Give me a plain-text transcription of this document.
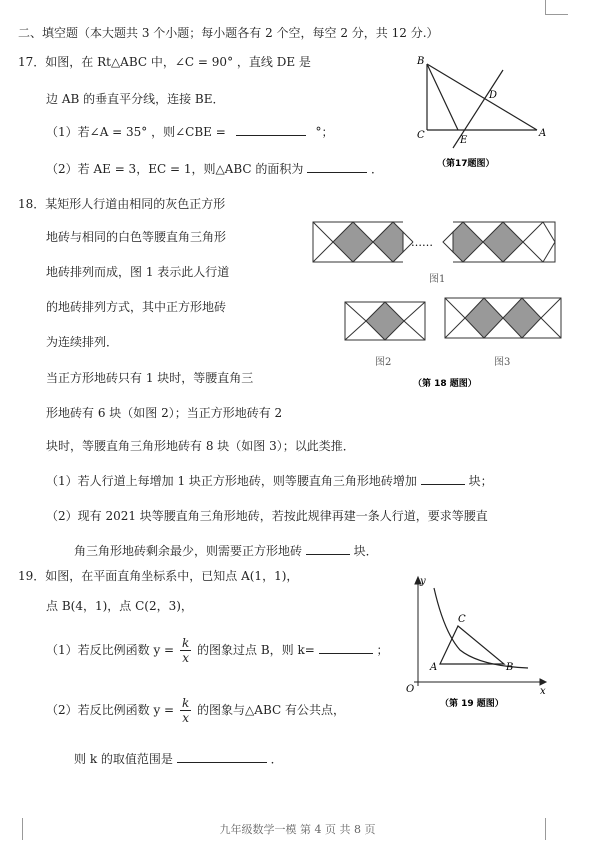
二、填空题（本大题共 3 个小题；每小题各有 2 个空，每空 2 分，共 12 分.）
17．如图，在 Rt△ABC 中，∠C = 90° ，直线 DE 是
边 AB 的垂直平分线，连接 BE．
（1）若∠A = 35° ，则∠CBE =	°；
（2）若 AE = 3，EC = 1，则△ABC 的面积为	．
B
D
C	E
A
（第17题图）
18．某矩形人行道由相同的灰色正方形
地砖与相同的白色等腰直角三角形
地砖排列而成，图 1 表示此人行道
的地砖排列方式，其中正方形地砖
为连续排列．
当正方形地砖只有 1 块时，等腰直角三
形地砖有 6 块（如图 2）；当正方形地砖有 2
块时，等腰直角三角形地砖有 8 块（如图 3）；以此类推．
（1）若人行道上每增加 1 块正方形地砖，则等腰直角三角形地砖增加	块；
（2）现有 2021 块等腰直角三角形地砖，若按此规律再建一条人行道，要求等腰直
角三角形地砖剩余最少，则需要正方形地砖	块．
……
图1
图2	图3
（第 18 题图）
19．如图，在平面直角坐标系中，已知点 A(1，1)，
点 B(4，1)，点 C(2，3)，
（1）若反比例函数 $y = \frac{k}{x}$ 的图象过点 B，则 k=	；
（2）若反比例函数 $y = \frac{k}{x}$ 的图象与△ABC 有公共点，
则 k 的取值范围是	．
y
x
O
A	B
C
（第 19 题图）
九年级数学一模 第 4 页 共 8 页
